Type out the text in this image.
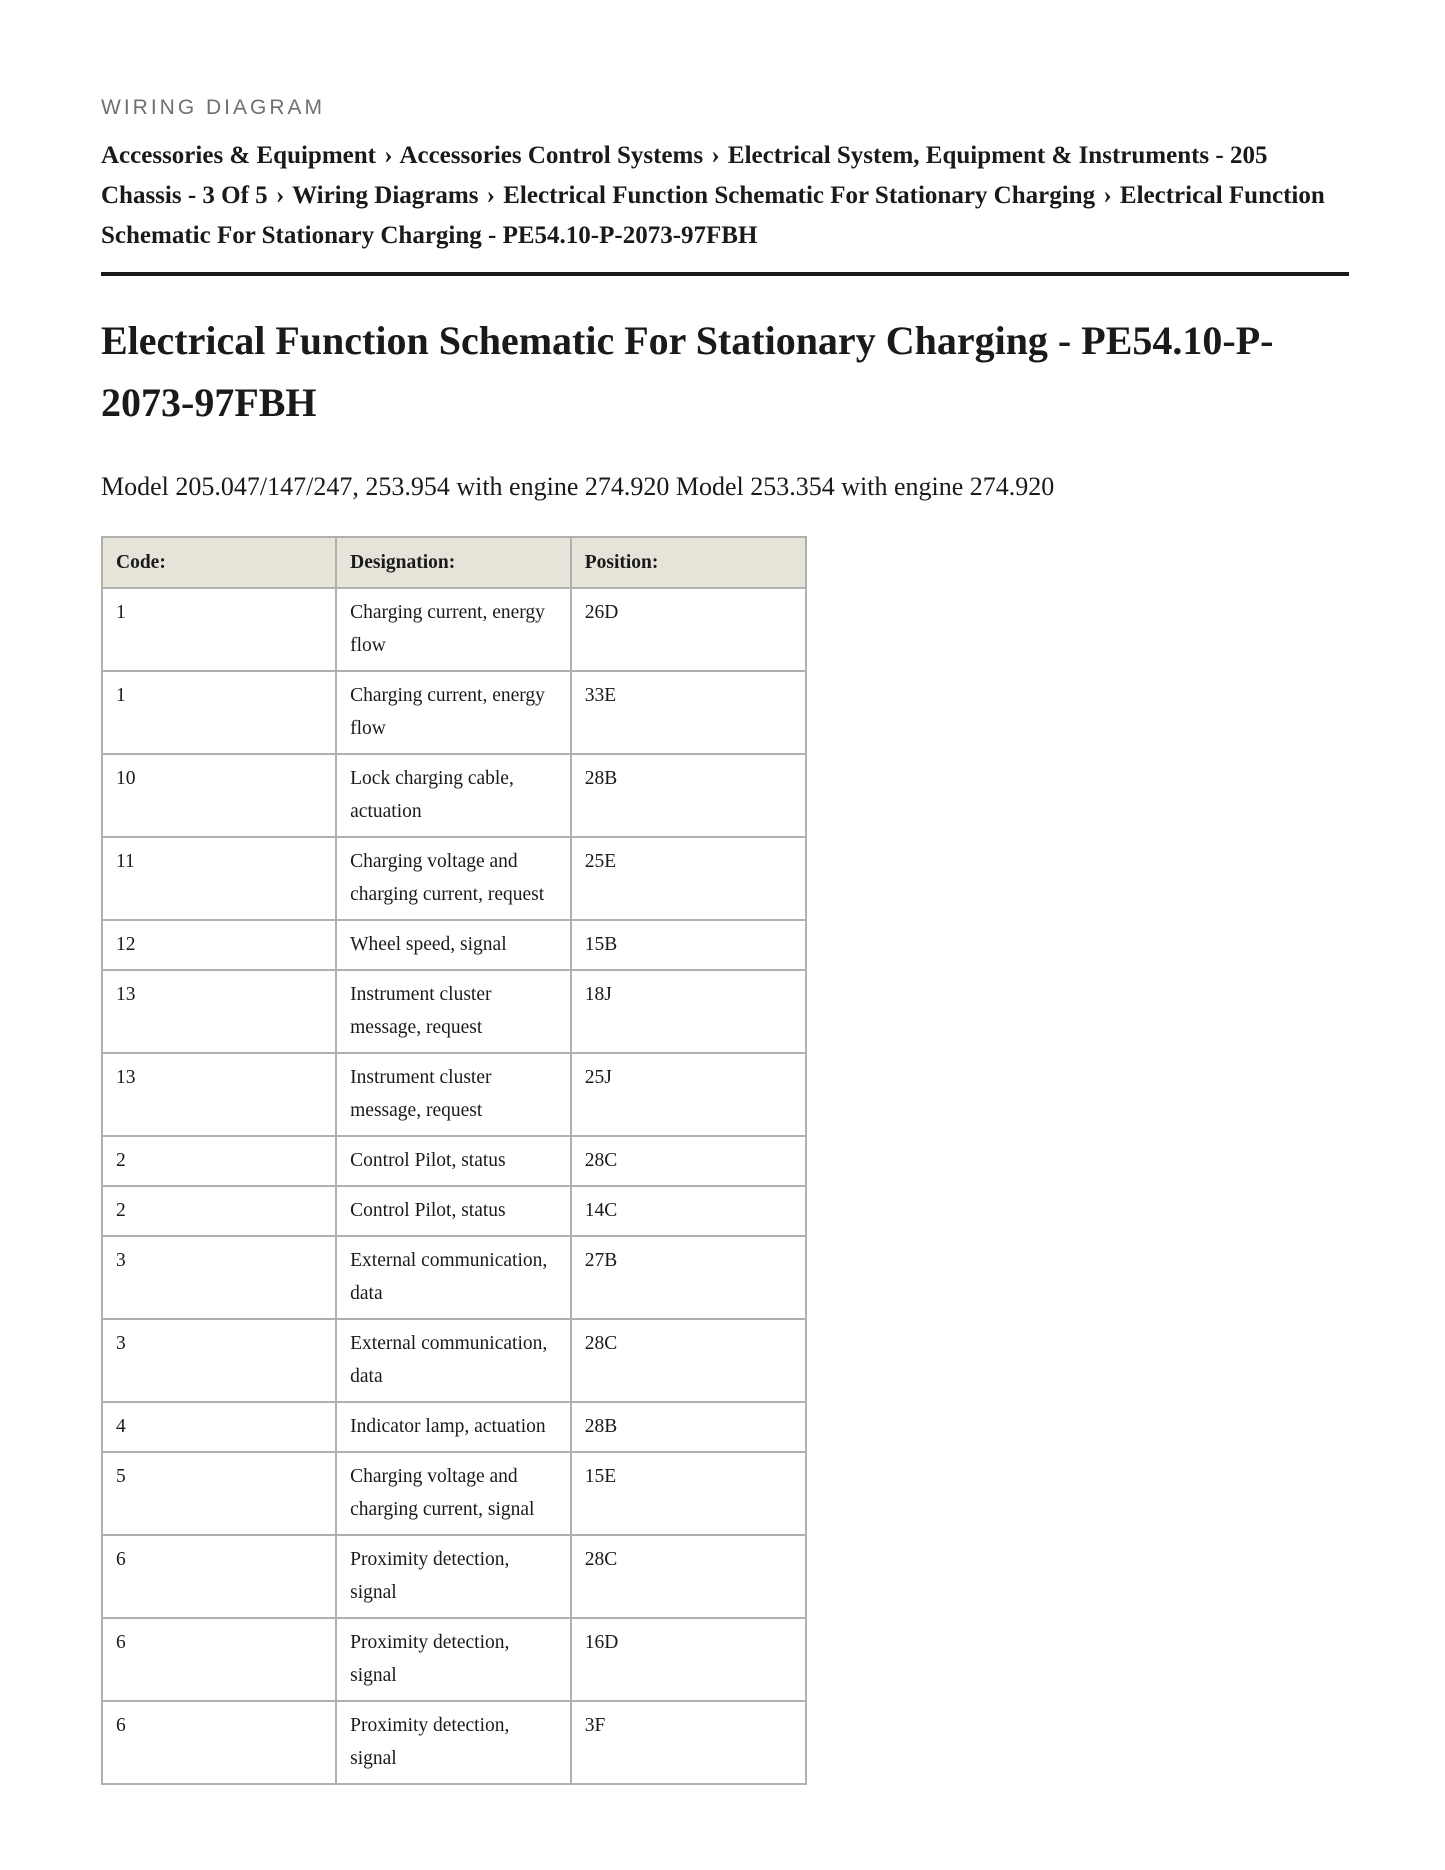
WIRING DIAGRAM
Accessories & Equipment › Accessories Control Systems › Electrical System, Equipment & Instruments - 205 Chassis - 3 Of 5 › Wiring Diagrams › Electrical Function Schematic For Stationary Charging › Electrical Function Schematic For Stationary Charging - PE54.10-P-2073-97FBH
Electrical Function Schematic For Stationary Charging - PE54.10-P-2073-97FBH

Model 205.047/147/247, 253.954 with engine 274.920 Model 253.354 with engine 274.920

Code:	Designation:	Position:
1	Charging current, energy flow	26D
1	Charging current, energy flow	33E
10	Lock charging cable, actuation	28B
11	Charging voltage and charging current, request	25E
12	Wheel speed, signal	15B
13	Instrument cluster message, request	18J
13	Instrument cluster message, request	25J
2	Control Pilot, status	28C
2	Control Pilot, status	14C
3	External communication, data	27B
3	External communication, data	28C
4	Indicator lamp, actuation	28B
5	Charging voltage and charging current, signal	15E
6	Proximity detection, signal	28C
6	Proximity detection, signal	16D
6	Proximity detection, signal	3F
